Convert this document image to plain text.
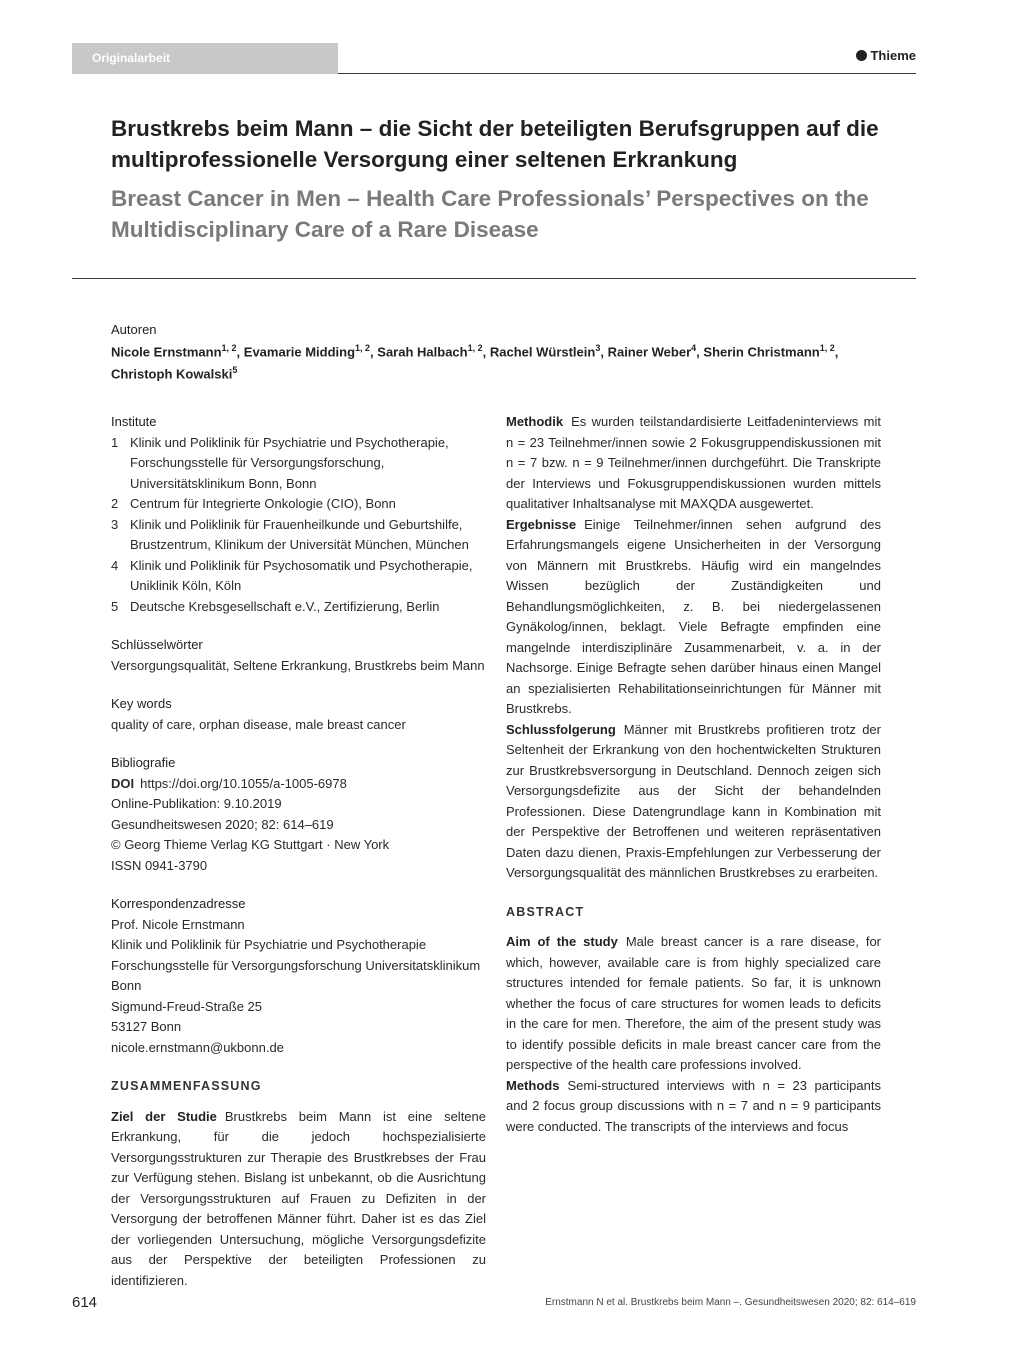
Originalarbeit	Thieme
Brustkrebs beim Mann – die Sicht der beteiligten Berufsgruppen auf die multiprofessionelle Versorgung einer seltenen Erkrankung
Breast Cancer in Men – Health Care Professionals’ Perspectives on the Multidisciplinary Care of a Rare Disease
Autoren
Nicole Ernstmann$^{1, 2}$, Evamarie Midding$^{1, 2}$, Sarah Halbach$^{1, 2}$, Rachel Würstlein$^3$, Rainer Weber$^4$, Sherin Christmann$^{1, 2}$,
Christoph Kowalski$^5$

Institute

1 Klinik und Poliklinik für Psychiatrie und Psychotherapie, Forschungsstelle für Versorgungsforschung, Universitätsklinikum Bonn, Bonn
2 Centrum für Integrierte Onkologie (CIO), Bonn
3 Klinik und Poliklinik für Frauenheilkunde und Geburtshilfe, Brustzentrum, Klinikum der Universität München, München
4 Klinik und Poliklinik für Psychosomatik und Psychotherapie, Uniklinik Köln, Köln
5 Deutsche Krebsgesellschaft e.V., Zertifizierung, Berlin

Schlüsselwörter

Versorgungsqualität, Seltene Erkrankung, Brustkrebs beim Mann

Key words

quality of care, orphan disease, male breast cancer

Bibliografie

DOI https://doi.org/10.1055/a-1005-6978

Online-Publikation: 9.10.2019

Gesundheitswesen 2020; 82: 614–619

© Georg Thieme Verlag KG Stuttgart · New York

ISSN 0941-3790

Korrespondenzadresse

Prof. Nicole Ernstmann

Klinik und Poliklinik für Psychiatrie und Psychotherapie

Forschungsstelle für Versorgungsforschung Universitatsklinikum Bonn

Sigmund-Freud-Straße 25

53127 Bonn

nicole.ernstmann@ukbonn.de

ZUSAMMENFASSUNG

Ziel der Studie Brustkrebs beim Mann ist eine seltene Erkrankung, für die jedoch hochspezialisierte Versorgungsstrukturen zur Therapie des Brustkrebses der Frau zur Verfügung stehen. Bislang ist unbekannt, ob die Ausrichtung der Versorgungsstrukturen auf Frauen zu Defiziten in der Versorgung der betroffenen Männer führt. Daher ist es das Ziel der vorliegenden Untersuchung, mögliche Versorgungsdefizite aus der Perspektive der beteiligten Professionen zu identifizieren.

Methodik Es wurden teilstandardisierte Leitfadeninterviews mit n = 23 Teilnehmer/innen sowie 2 Fokusgruppendiskussionen mit n = 7 bzw. n = 9 Teilnehmer/innen durchgeführt. Die Transkripte der Interviews und Fokusgruppendiskussionen wurden mittels qualitativer Inhaltsanalyse mit MAXQDA ausgewertet.

Ergebnisse Einige Teilnehmer/innen sehen aufgrund des Erfahrungsmangels eigene Unsicherheiten in der Versorgung von Männern mit Brustkrebs. Häufig wird ein mangelndes Wissen bezüglich der Zuständigkeiten und Behandlungsmöglichkeiten, z. B. bei niedergelassenen Gynäkolog/innen, beklagt. Viele Befragte empfinden eine mangelnde interdisziplinäre Zusammenarbeit, v. a. in der Nachsorge. Einige Befragte sehen darüber hinaus einen Mangel an spezialisierten Rehabilitationseinrichtungen für Männer mit Brustkrebs.

Schlussfolgerung Männer mit Brustkrebs profitieren trotz der Seltenheit der Erkrankung von den hochentwickelten Strukturen zur Brustkrebsversorgung in Deutschland. Dennoch zeigen sich Versorgungsdefizite aus der Sicht der behandelnden Professionen. Diese Datengrundlage kann in Kombination mit der Perspektive der Betroffenen und weiteren repräsentativen Daten dazu dienen, Praxis-Empfehlungen zur Verbesserung der Versorgungsqualität des männlichen Brustkrebses zu erarbeiten.

ABSTRACT

Aim of the study Male breast cancer is a rare disease, for which, however, available care is from highly specialized care structures intended for female patients. So far, it is unknown whether the focus of care structures for women leads to deficits in the care for men. Therefore, the aim of the present study was to identify possible deficits in male breast cancer care from the perspective of the health care professions involved.

Methods Semi-structured interviews with n = 23 participants and 2 focus group discussions with n = 7 and n = 9 participants were conducted. The transcripts of the interviews and focus

614	Ernstmann N et al. Brustkrebs beim Mann –. Gesundheitswesen 2020; 82: 614–619
